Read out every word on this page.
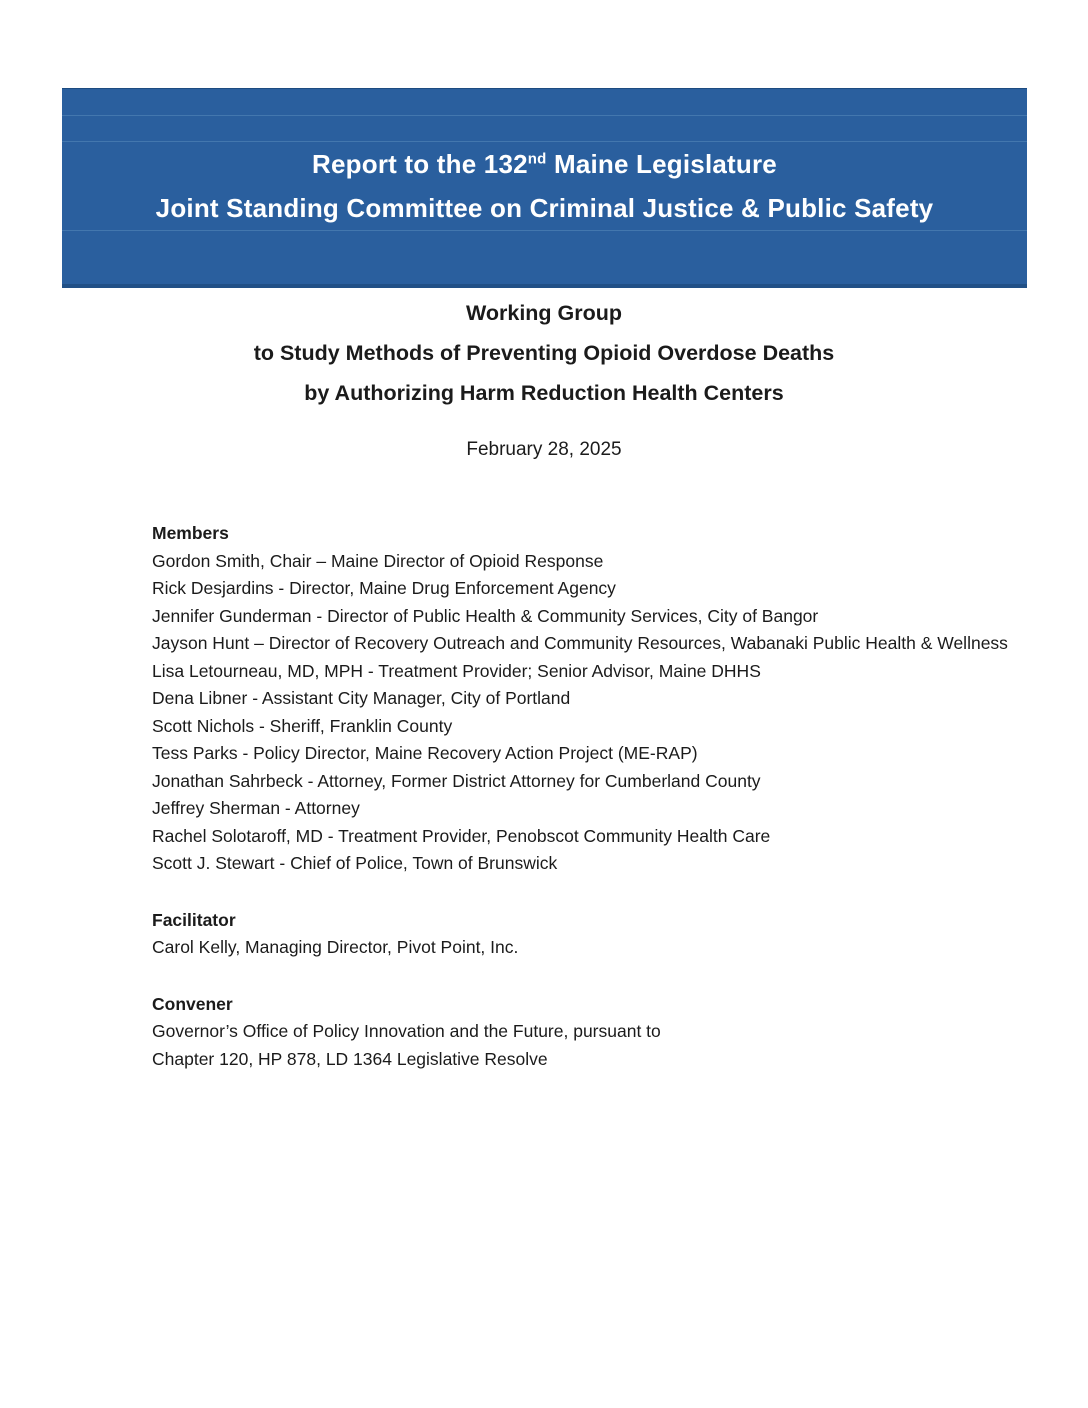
Report to the 132nd Maine Legislature
Joint Standing Committee on Criminal Justice & Public Safety
Working Group
to Study Methods of Preventing Opioid Overdose Deaths
by Authorizing Harm Reduction Health Centers
February 28, 2025
Members
Gordon Smith, Chair – Maine Director of Opioid Response
Rick Desjardins - Director, Maine Drug Enforcement Agency
Jennifer Gunderman - Director of Public Health & Community Services, City of Bangor
Jayson Hunt – Director of Recovery Outreach and Community Resources, Wabanaki Public Health & Wellness
Lisa Letourneau, MD, MPH - Treatment Provider; Senior Advisor, Maine DHHS
Dena Libner - Assistant City Manager, City of Portland
Scott Nichols - Sheriff, Franklin County
Tess Parks - Policy Director, Maine Recovery Action Project (ME-RAP)
Jonathan Sahrbeck - Attorney, Former District Attorney for Cumberland County
Jeffrey Sherman - Attorney
Rachel Solotaroff, MD - Treatment Provider, Penobscot Community Health Care
Scott J. Stewart - Chief of Police, Town of Brunswick
Facilitator
Carol Kelly, Managing Director, Pivot Point, Inc.
Convener
Governor’s Office of Policy Innovation and the Future, pursuant to
Chapter 120, HP 878, LD 1364 Legislative Resolve
